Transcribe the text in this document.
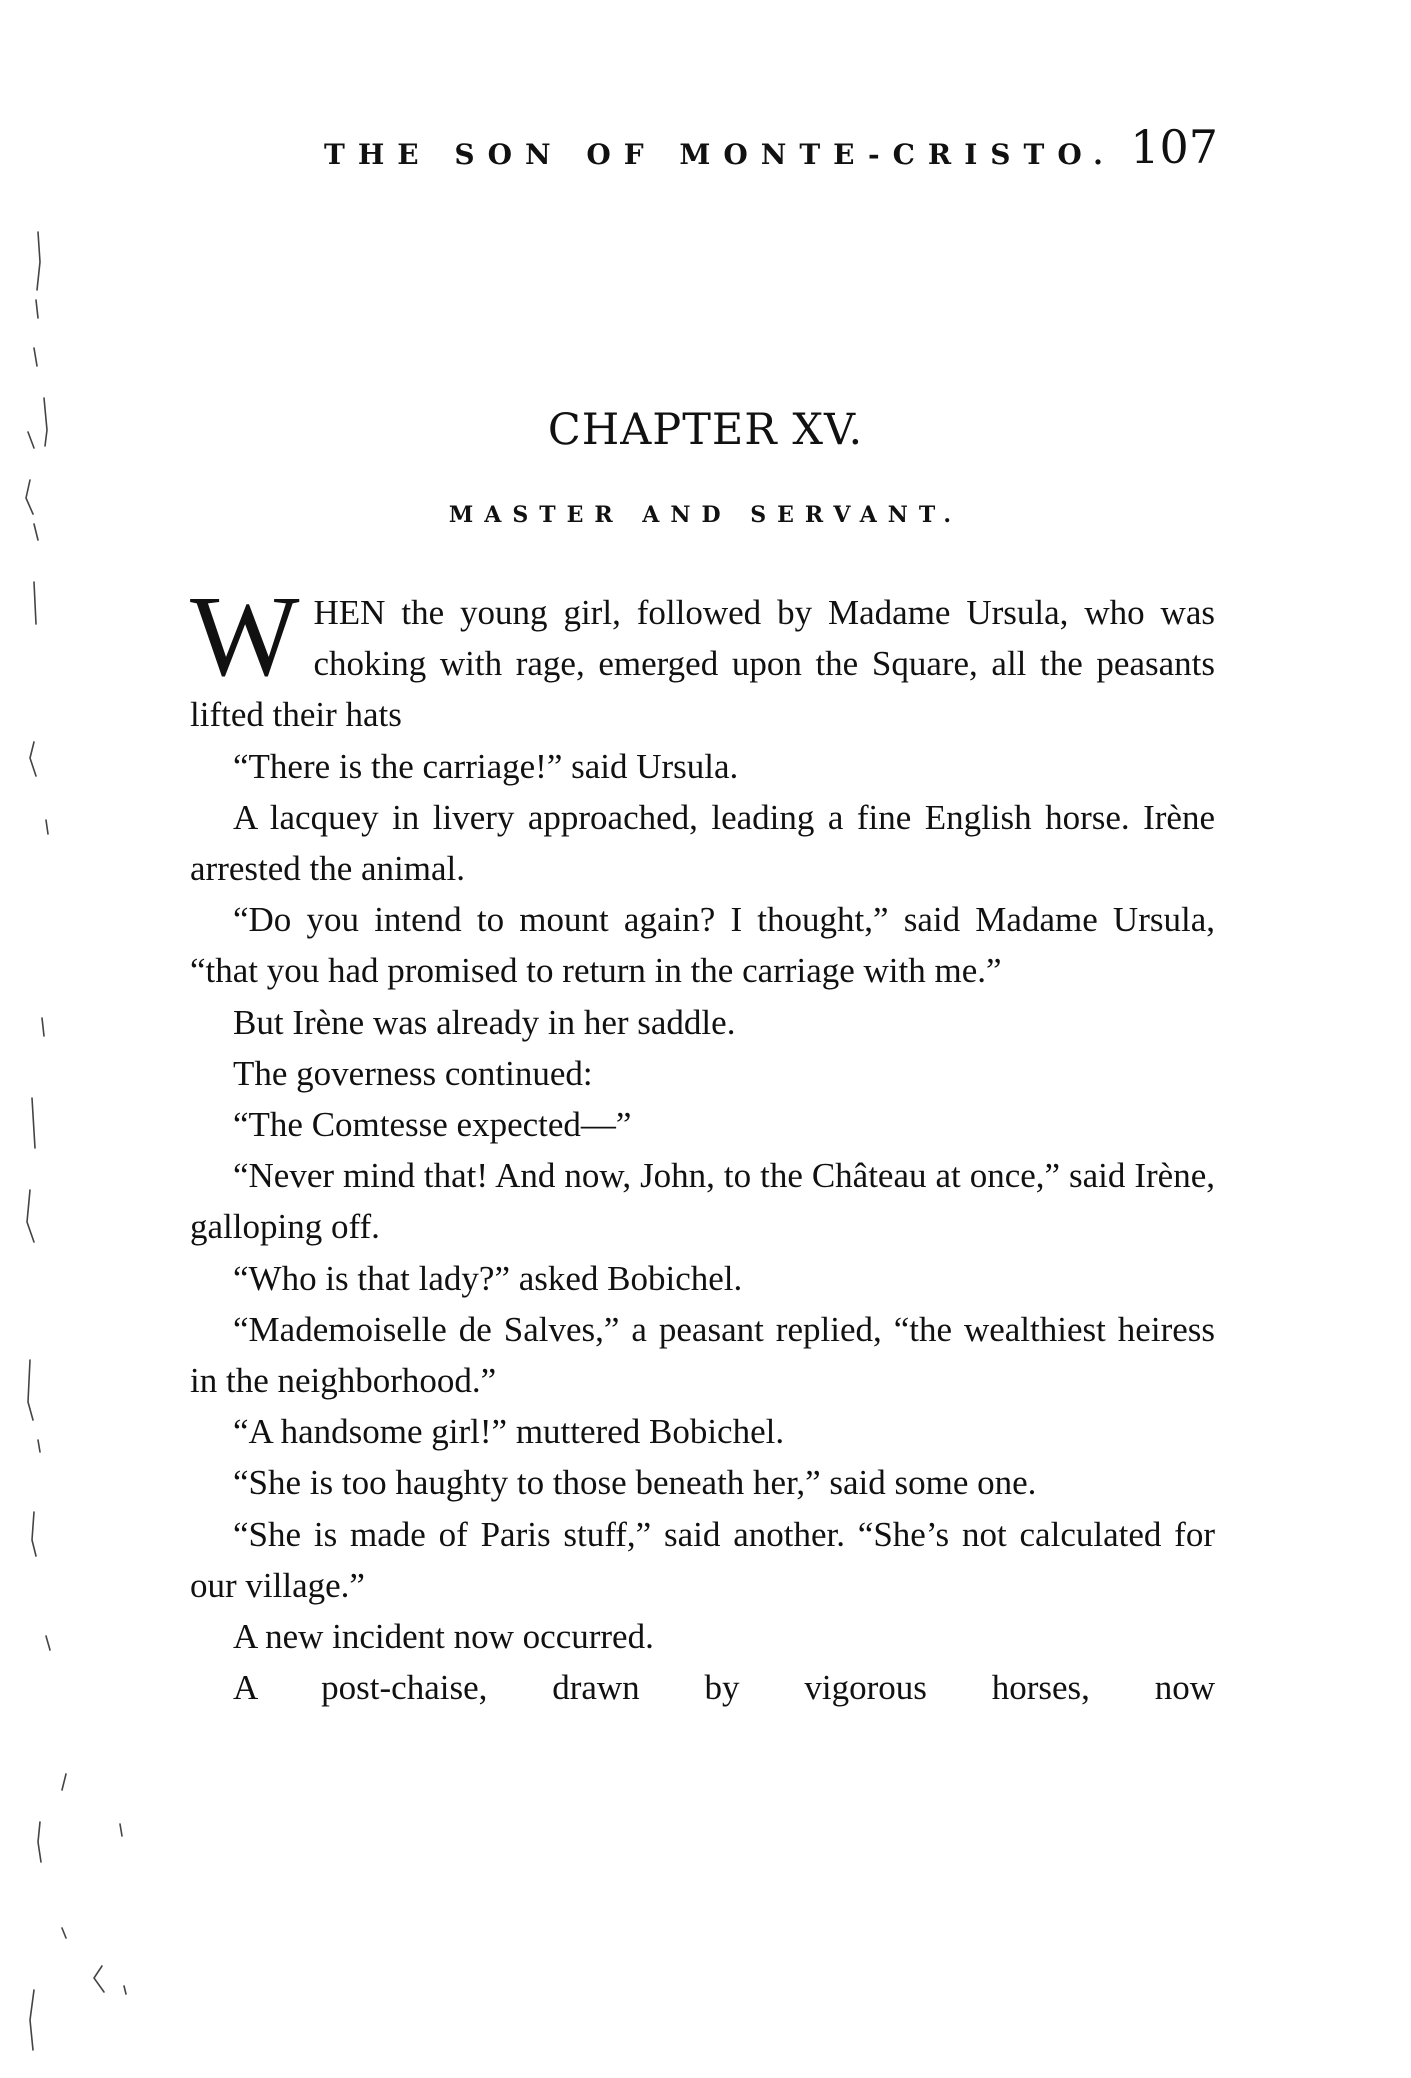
THE SON OF MONTE-CRISTO. 107
CHAPTER XV.
MASTER AND SERVANT.

WHEN the young girl, followed by Madame Ursula, who was choking with rage, emerged upon the Square, all the peasants lifted their hats

“There is the carriage!” said Ursula.

A lacquey in livery approached, leading a fine English horse. Irène arrested the animal.

“Do you intend to mount again? I thought,” said Madame Ursula, “that you had promised to return in the carriage with me.”

But Irène was already in her saddle.

The governess continued:

“The Comtesse expected—”

“Never mind that! And now, John, to the Château at once,” said Irène, galloping off.

“Who is that lady?” asked Bobichel.

“Mademoiselle de Salves,” a peasant replied, “the wealthiest heiress in the neighborhood.”

“A handsome girl!” muttered Bobichel.

“She is too haughty to those beneath her,” said some one.

“She is made of Paris stuff,” said another. “She’s not calculated for our village.”

A new incident now occurred.

A post-chaise, drawn by vigorous horses, now
